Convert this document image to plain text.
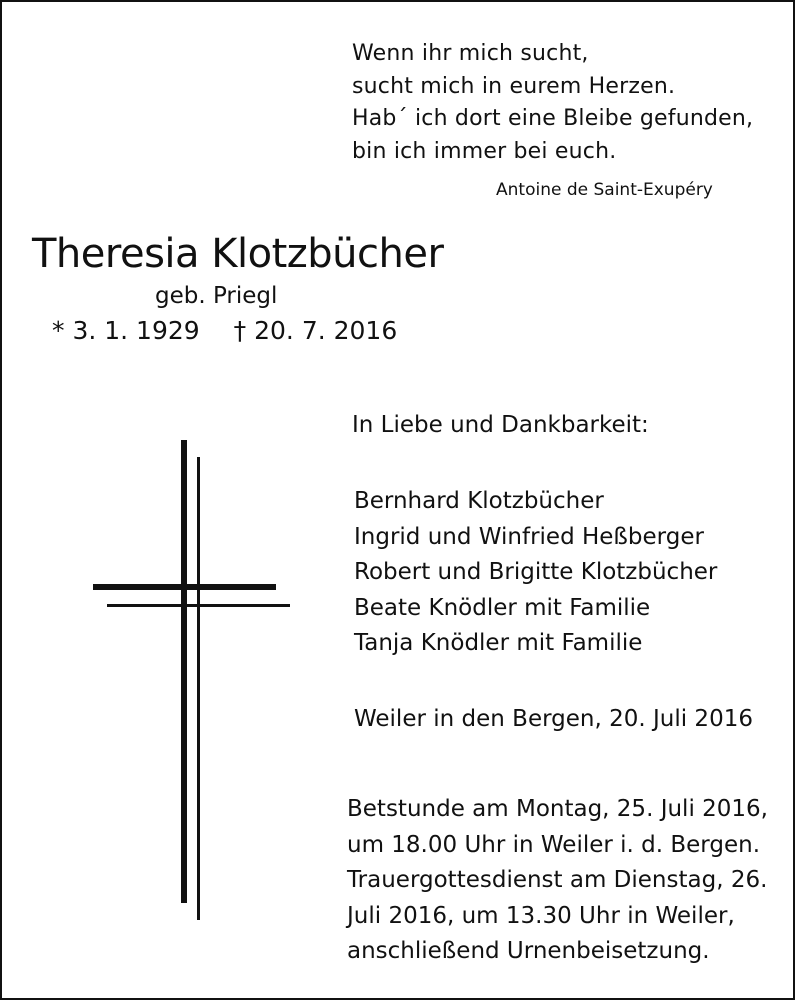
Wenn ihr mich sucht,
sucht mich in eurem Herzen.
Hab´ ich dort eine Bleibe gefunden,
bin ich immer bei euch.
Antoine de Saint-Exupéry
Theresia Klotzbücher
geb. Priegl
* 3. 1. 1929 † 20. 7. 2016
In Liebe und Dankbarkeit:
Bernhard Klotzbücher
Ingrid und Winfried Heßberger
Robert und Brigitte Klotzbücher
Beate Knödler mit Familie
Tanja Knödler mit Familie
Weiler in den Bergen, 20. Juli 2016
Betstunde am Montag, 25. Juli 2016,
um 18.00 Uhr in Weiler i. d. Bergen.
Trauergottesdienst am Dienstag, 26.
Juli 2016, um 13.30 Uhr in Weiler,
anschließend Urnenbeisetzung.
